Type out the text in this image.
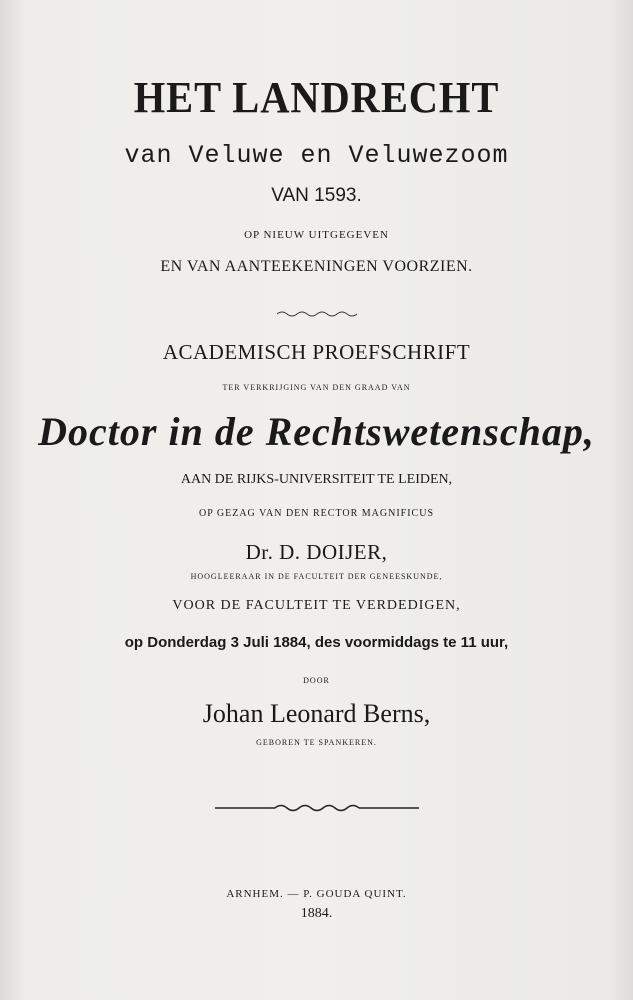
HET LANDRECHT
van Veluwe en Veluwezoom
VAN 1593.
OP NIEUW UITGEGEVEN
EN VAN AANTEEKENINGEN VOORZIEN.
ACADEMISCH PROEFSCHRIFT
TER VERKRIJGING VAN DEN GRAAD VAN
Doctor in de Rechtswetenschap,
AAN DE RIJKS-UNIVERSITEIT TE LEIDEN,
OP GEZAG VAN DEN RECTOR MAGNIFICUS
Dr. D. DOIJER,
HOOGLEERAAR IN DE FACULTEIT DER GENEESKUNDE,
VOOR DE FACULTEIT TE VERDEDIGEN,
op Donderdag 3 Juli 1884, des voormiddags te 11 uur,
DOOR
Johan Leonard Berns,
GEBOREN TE SPANKEREN.
ARNHEM. — P. GOUDA QUINT.
1884.
